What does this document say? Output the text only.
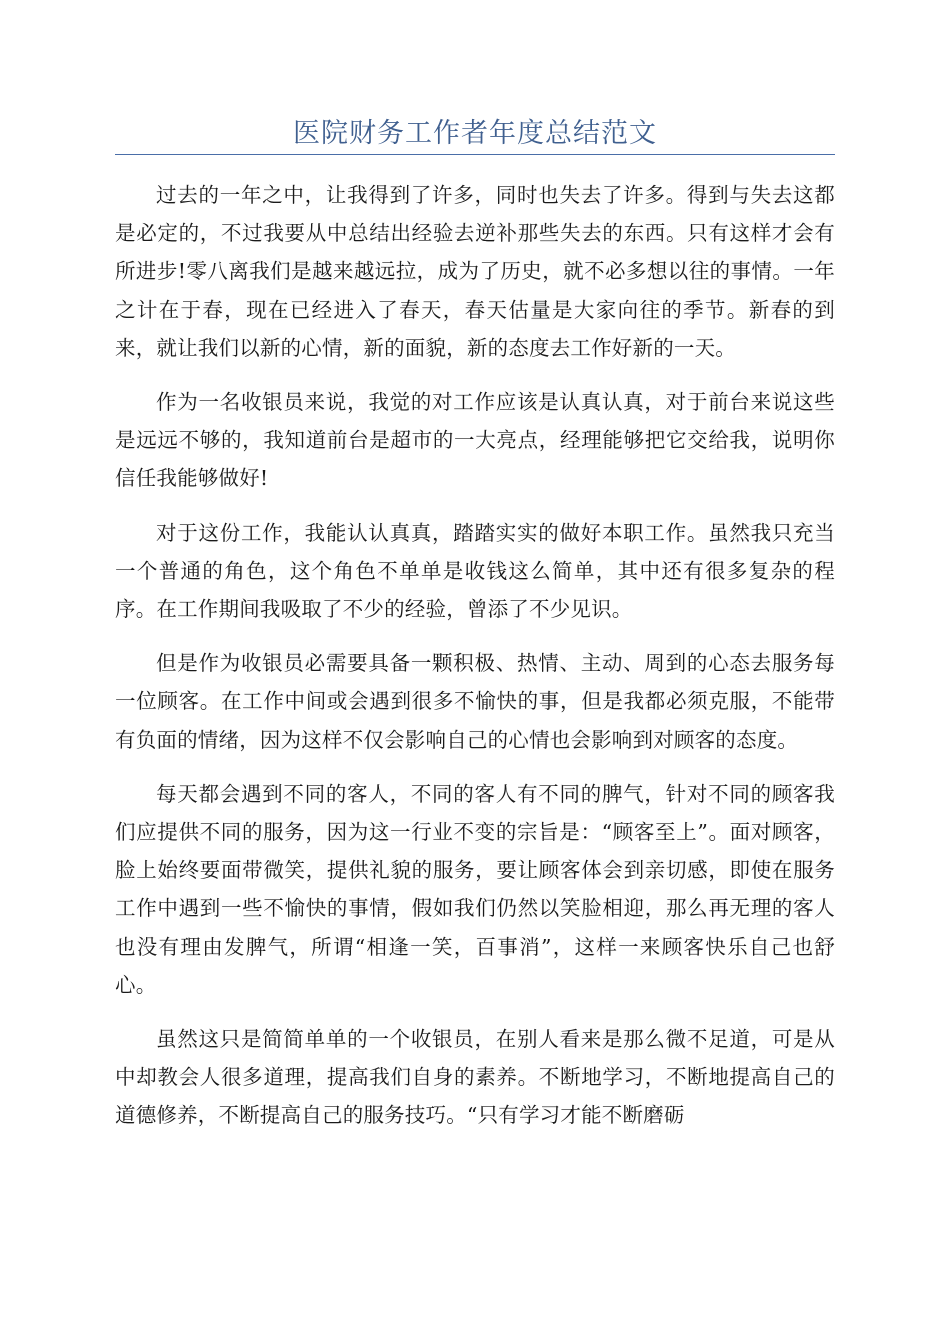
医院财务工作者年度总结范文

过去的一年之中，让我得到了许多，同时也失去了许多。得到与失去这都是必定的，不过我要从中总结出经验去逆补那些失去的东西。只有这样才会有所进步!零八离我们是越来越远拉，成为了历史，就不必多想以往的事情。一年之计在于春，现在已经进入了春天，春天估量是大家向往的季节。新春的到来，就让我们以新的心情，新的面貌，新的态度去工作好新的一天。

作为一名收银员来说，我觉的对工作应该是认真认真，对于前台来说这些是远远不够的，我知道前台是超市的一大亮点，经理能够把它交给我，说明你信任我能够做好!

对于这份工作，我能认认真真，踏踏实实的做好本职工作。虽然我只充当一个普通的角色，这个角色不单单是收钱这么简单，其中还有很多复杂的程序。在工作期间我吸取了不少的经验，曾添了不少见识。

但是作为收银员必需要具备一颗积极、热情、主动、周到的心态去服务每一位顾客。在工作中间或会遇到很多不愉快的事，但是我都必须克服，不能带有负面的情绪，因为这样不仅会影响自己的心情也会影响到对顾客的态度。

每天都会遇到不同的客人，不同的客人有不同的脾气，针对不同的顾客我们应提供不同的服务，因为这一行业不变的宗旨是：“顾客至上”。面对顾客，脸上始终要面带微笑，提供礼貌的服务，要让顾客体会到亲切感，即使在服务工作中遇到一些不愉快的事情，假如我们仍然以笑脸相迎，那么再无理的客人也没有理由发脾气，所谓“相逢一笑，百事消”，这样一来顾客快乐自己也舒心。

虽然这只是简简单单的一个收银员，在别人看来是那么微不足道，可是从中却教会人很多道理，提高我们自身的素养。不断地学习，不断地提高自己的道德修养，不断提高自己的服务技巧。“只有学习才能不断磨砺
